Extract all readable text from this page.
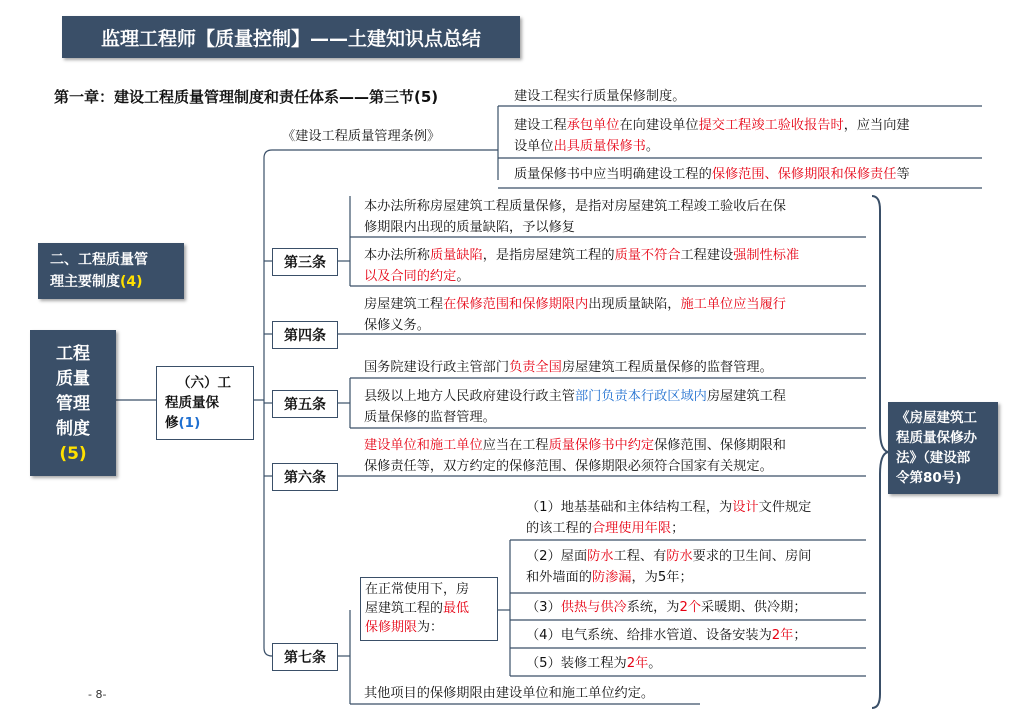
监理工程师【质量控制】——土建知识点总结
第一章：建设工程质量管理制度和责任体系——第三节(5)
二、工程质量管
理主要制度(4)
工程
质量
管理
制度
(5)
（六）工
程质量保
修(1)
《建设工程质量管理条例》
建设工程实行质量保修制度。
建设工程承包单位在向建设单位提交工程竣工验收报告时，应当向建
设单位出具质量保修书。
质量保修书中应当明确建设工程的保修范围、保修期限和保修责任等
第三条
第四条
第五条
第六条
第七条
本办法所称房屋建筑工程质量保修，是指对房屋建筑工程竣工验收后在保
修期限内出现的质量缺陷，予以修复
本办法所称质量缺陷，是指房屋建筑工程的质量不符合工程建设强制性标准
以及合同的约定。
房屋建筑工程在保修范围和保修期限内出现质量缺陷，施工单位应当履行
保修义务。
国务院建设行政主管部门负责全国房屋建筑工程质量保修的监督管理。
县级以上地方人民政府建设行政主管部门负责本行政区域内房屋建筑工程
质量保修的监督管理。
建设单位和施工单位应当在工程质量保修书中约定保修范围、保修期限和
保修责任等，双方约定的保修范围、保修期限必须符合国家有关规定。
在正常使用下，房
屋建筑工程的最低
保修期限为：
（1）地基基础和主体结构工程，为设计文件规定
的该工程的合理使用年限；
（2）屋面防水工程、有防水要求的卫生间、房间
和外墙面的防渗漏，为5年；
（3）供热与供冷系统，为2个采暖期、供冷期；
（4）电气系统、给排水管道、设备安装为2年；
（5）装修工程为2年。
其他项目的保修期限由建设单位和施工单位约定。
《房屋建筑工
程质量保修办
法》（建设部
令第80号)
- 8-
